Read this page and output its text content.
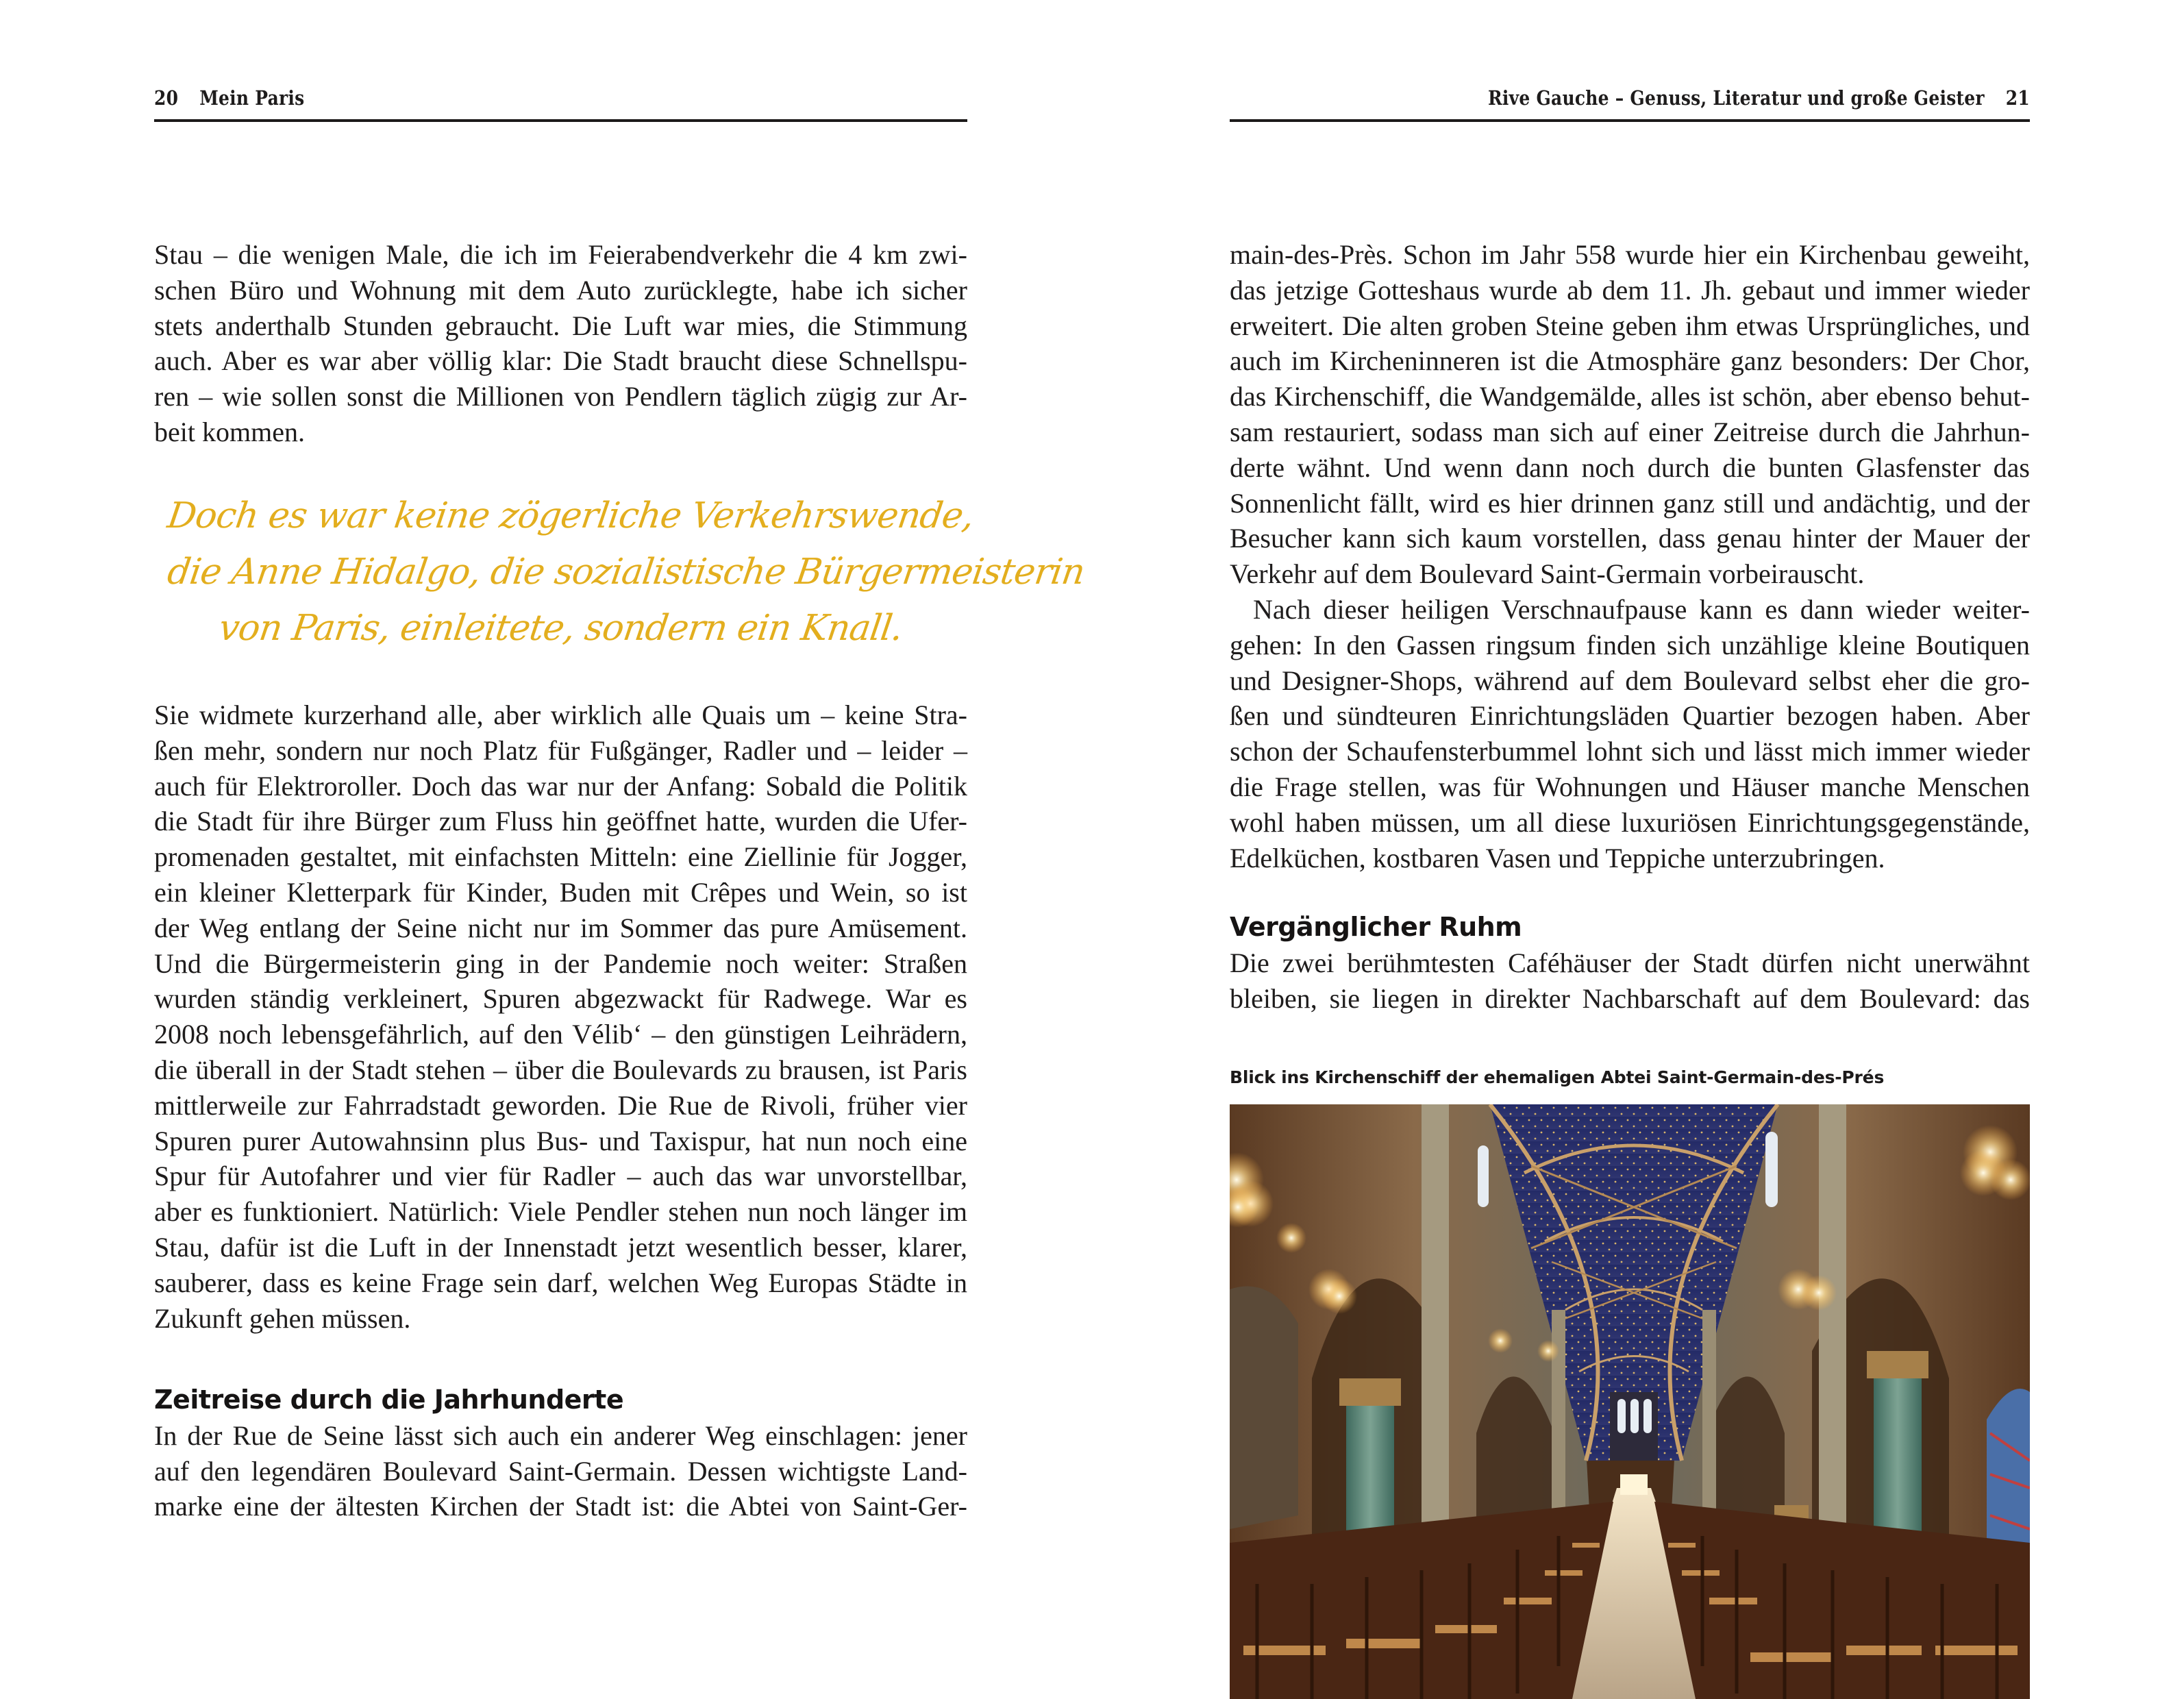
20 Mein Paris
Stau – die wenigen Male, die ich im Feierabendverkehr die 4 km zwi-
schen Büro und Wohnung mit dem Auto zurücklegte, habe ich sicher
stets anderthalb Stunden gebraucht. Die Luft war mies, die Stimmung
auch. Aber es war aber völlig klar: Die Stadt braucht diese Schnellspu-
ren – wie sollen sonst die Millionen von Pendlern täglich zügig zur Ar-
beit kommen.
Doch es war keine zögerliche Verkehrswende,
die Anne Hidalgo, die sozialistische Bürgermeisterin
von Paris, einleitete, sondern ein Knall.
Sie widmete kurzerhand alle, aber wirklich alle Quais um – keine Stra-
ßen mehr, sondern nur noch Platz für Fußgänger, Radler und – leider –
auch für Elektroroller. Doch das war nur der Anfang: Sobald die Politik
die Stadt für ihre Bürger zum Fluss hin geöffnet hatte, wurden die Ufer-
promenaden gestaltet, mit einfachsten Mitteln: eine Ziellinie für Jogger,
ein kleiner Kletterpark für Kinder, Buden mit Crêpes und Wein, so ist
der Weg entlang der Seine nicht nur im Sommer das pure Amüsement.
Und die Bürgermeisterin ging in der Pandemie noch weiter: Straßen
wurden ständig verkleinert, Spuren abgezwackt für Radwege. War es
2008 noch lebensgefährlich, auf den Vélib‘ – den günstigen Leihrädern,
die überall in der Stadt stehen – über die Boulevards zu brausen, ist Paris
mittlerweile zur Fahrradstadt geworden. Die Rue de Rivoli, früher vier
Spuren purer Autowahnsinn plus Bus- und Taxispur, hat nun noch eine
Spur für Autofahrer und vier für Radler – auch das war unvorstellbar,
aber es funktioniert. Natürlich: Viele Pendler stehen nun noch länger im
Stau, dafür ist die Luft in der Innenstadt jetzt wesentlich besser, klarer,
sauberer, dass es keine Frage sein darf, welchen Weg Europas Städte in
Zukunft gehen müssen.
Zeitreise durch die Jahrhunderte
In der Rue de Seine lässt sich auch ein anderer Weg einschlagen: jener
auf den legendären Boulevard Saint-Germain. Dessen wichtigste Land-
marke eine der ältesten Kirchen der Stadt ist: die Abtei von Saint-Ger-
Rive Gauche – Genuss, Literatur und große Geister 21
main-des-Près. Schon im Jahr 558 wurde hier ein Kirchenbau geweiht,
das jetzige Gotteshaus wurde ab dem 11. Jh. gebaut und immer wieder
erweitert. Die alten groben Steine geben ihm etwas Ursprüngliches, und
auch im Kircheninneren ist die Atmosphäre ganz besonders: Der Chor,
das Kirchenschiff, die Wandgemälde, alles ist schön, aber ebenso behut-
sam restauriert, sodass man sich auf einer Zeitreise durch die Jahrhun-
derte wähnt. Und wenn dann noch durch die bunten Glasfenster das
Sonnenlicht fällt, wird es hier drinnen ganz still und andächtig, und der
Besucher kann sich kaum vorstellen, dass genau hinter der Mauer der
Verkehr auf dem Boulevard Saint-Germain vorbeirauscht.
Nach dieser heiligen Verschnaufpause kann es dann wieder weiter-
gehen: In den Gassen ringsum finden sich unzählige kleine Boutiquen
und Designer-Shops, während auf dem Boulevard selbst eher die gro-
ßen und sündteuren Einrichtungsläden Quartier bezogen haben. Aber
schon der Schaufensterbummel lohnt sich und lässt mich immer wieder
die Frage stellen, was für Wohnungen und Häuser manche Menschen
wohl haben müssen, um all diese luxuriösen Einrichtungsgegenstände,
Edelküchen, kostbaren Vasen und Teppiche unterzubringen.
Vergänglicher Ruhm
Die zwei berühmtesten Caféhäuser der Stadt dürfen nicht unerwähnt
bleiben, sie liegen in direkter Nachbarschaft auf dem Boulevard: das
Blick ins Kirchenschiff der ehemaligen Abtei Saint-Germain-des-Prés
